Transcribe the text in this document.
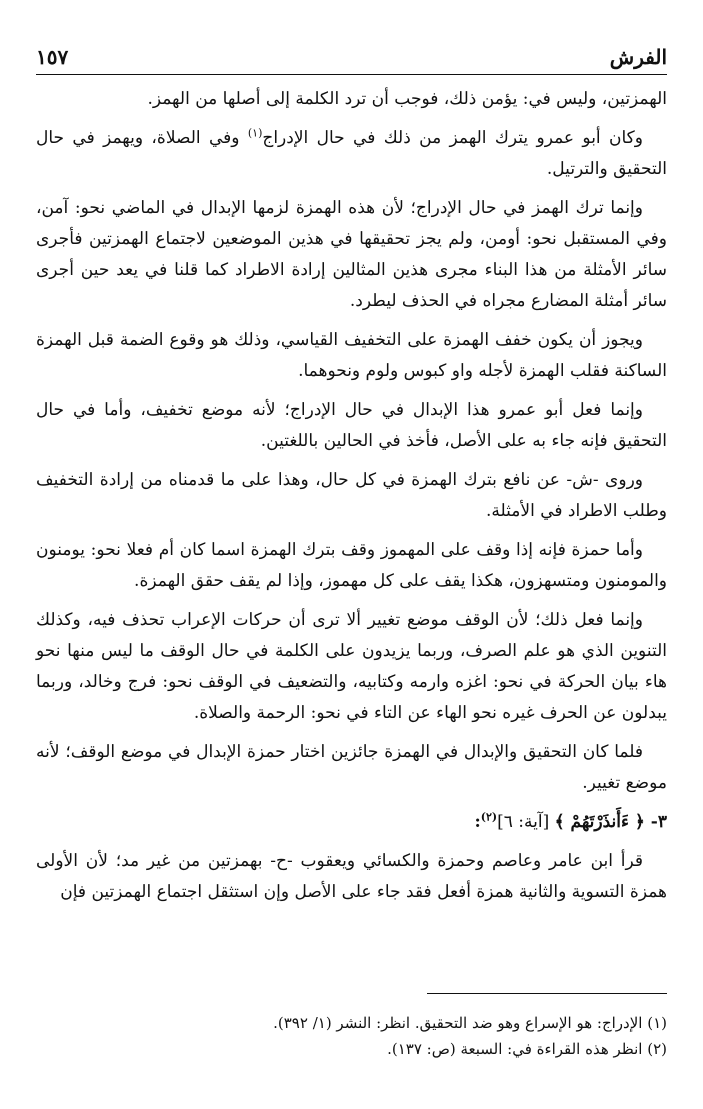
الفرش
١٥٧

الهمزتين، وليس في: يؤمن ذلك، فوجب أن ترد الكلمة إلى أصلها من الهمز.

وكان أبو عمرو يترك الهمز من ذلك في حال الإدراج$^{(١)}$ وفي الصلاة، ويهمز في حال التحقيق والترتيل.

وإنما ترك الهمز في حال الإدراج؛ لأن هذه الهمزة لزمها الإبدال في الماضي نحو: آمن، وفي المستقبل نحو: أومن، ولم يجز تحقيقها في هذين الموضعين لاجتماع الهمزتين فأجرى سائر الأمثلة من هذا البناء مجرى هذين المثالين إرادة الاطراد كما قلنا في يعد حين أجرى سائر أمثلة المضارع مجراه في الحذف ليطرد.

ويجوز أن يكون خفف الهمزة على التخفيف القياسي، وذلك هو وقوع الضمة قبل الهمزة الساكنة فقلب الهمزة لأجله واو كبوس ولوم ونحوهما.

وإنما فعل أبو عمرو هذا الإبدال في حال الإدراج؛ لأنه موضع تخفيف، وأما في حال التحقيق فإنه جاء به على الأصل، فأخذ في الحالين باللغتين.

وروى -ش- عن نافع بترك الهمزة في كل حال، وهذا على ما قدمناه من إرادة التخفيف وطلب الاطراد في الأمثلة.

وأما حمزة فإنه إذا وقف على المهموز وقف بترك الهمزة اسما كان أم فعلا نحو: يومنون والمومنون ومتسهزون، هكذا يقف على كل مهموز، وإذا لم يقف حقق الهمزة.

وإنما فعل ذلك؛ لأن الوقف موضع تغيير ألا ترى أن حركات الإعراب تحذف فيه، وكذلك التنوين الذي هو علم الصرف، وربما يزيدون على الكلمة في حال الوقف ما ليس منها نحو هاء بيان الحركة في نحو: اغزه وارمه وكتابيه، والتضعيف في الوقف نحو: فرج وخالد، وربما يبدلون عن الحرف غيره نحو الهاء عن التاء في نحو: الرحمة والصلاة.

فلما كان التحقيق والإبدال في الهمزة جائزين اختار حمزة الإبدال في موضع الوقف؛ لأنه موضع تغيير.

٣- ﴿ ءَأَنذَرْتَهُمْ ﴾ [آية: ٦]$^{(٢)}$:

قرأ ابن عامر وعاصم وحمزة والكسائي ويعقوب -ح- بهمزتين من غير مد؛ لأن الأولى همزة التسوية والثانية همزة أفعل فقد جاء على الأصل وإن استثقل اجتماع الهمزتين فإن

(١) الإدراج: هو الإسراع وهو ضد التحقيق. انظر: النشر (١/ ٣٩٢).
(٢) انظر هذه القراءة في: السبعة (ص: ١٣٧).
